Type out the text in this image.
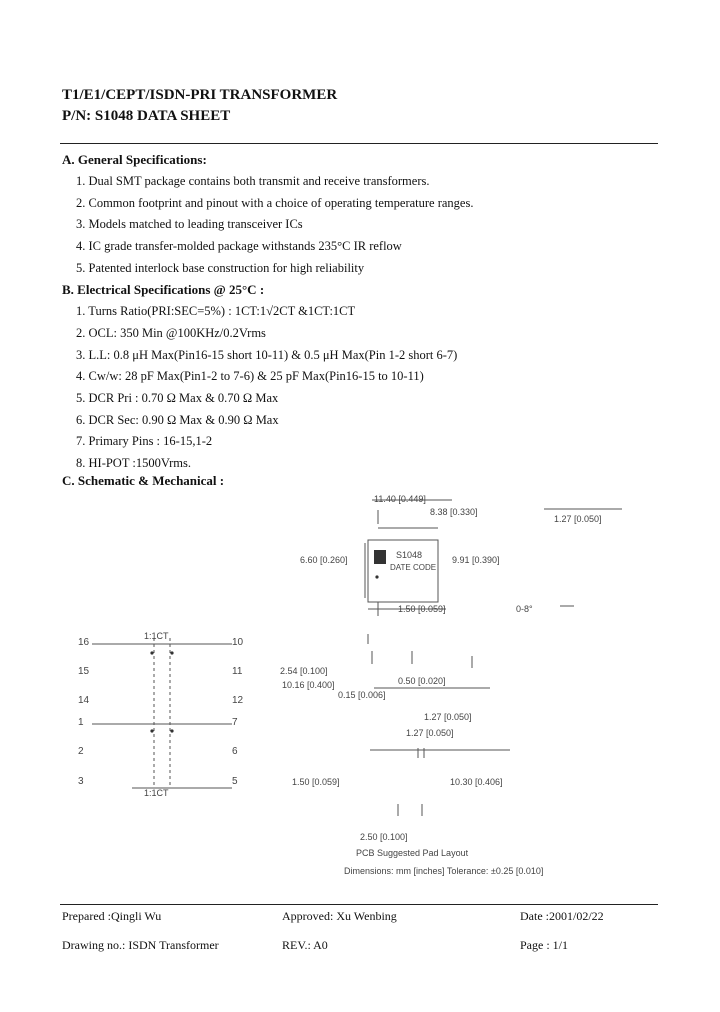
T1/E1/CEPT/ISDN-PRI TRANSFORMER
P/N: S1048 DATA SHEET
A. General Specifications:
1. Dual SMT package contains both transmit and receive transformers.
2. Common footprint and pinout with a choice of operating temperature ranges.
3. Models matched to leading transceiver ICs
4. IC grade transfer-molded package withstands 235°C IR reflow
5. Patented interlock base construction for high reliability
B. Electrical Specifications @ 25°C :
1. Turns Ratio(PRI:SEC=5%) : 1CT:1√2CT &1CT:1CT
2. OCL: 350 Min @100KHz/0.2Vrms
3. L.L: 0.8 μH Max(Pin16-15 short 10-11) & 0.5 μH Max(Pin 1-2 short 6-7)
4. Cw/w: 28 pF Max(Pin1-2 to 7-6) & 25 pF Max(Pin16-15 to 10-11)
5. DCR Pri : 0.70 Ω Max & 0.70 Ω Max
6. DCR Sec: 0.90 Ω Max & 0.90 Ω Max
7. Primary Pins : 16-15,1-2
8. HI-POT :1500Vrms.
C. Schematic & Mechanical :
16
15
14
1
2
3
10
11
12
7
6
5
1:1CT
1:1CT
11.40 [0.449]
8.38 [0.330]
6.60 [0.260]	S1048
DATE CODE
9.91 [0.390]
1.27 [0.050]
0-8°
1.50 [0.059]
2.54 [0.100]
10.16 [0.400]	0.50 [0.020]
0.15 [0.006]
1.27 [0.050]
1.27 [0.050]
1.50 [0.059]	10.30 [0.406]
2.50 [0.100]
PCB Suggested Pad Layout
Dimensions: mm [inches] Tolerance: ±0.25 [0.010]
Prepared :Qingli Wu	Approved: Xu Wenbing	Date :2001/02/22
Drawing no.: ISDN Transformer	REV.: A0	Page : 1/1
